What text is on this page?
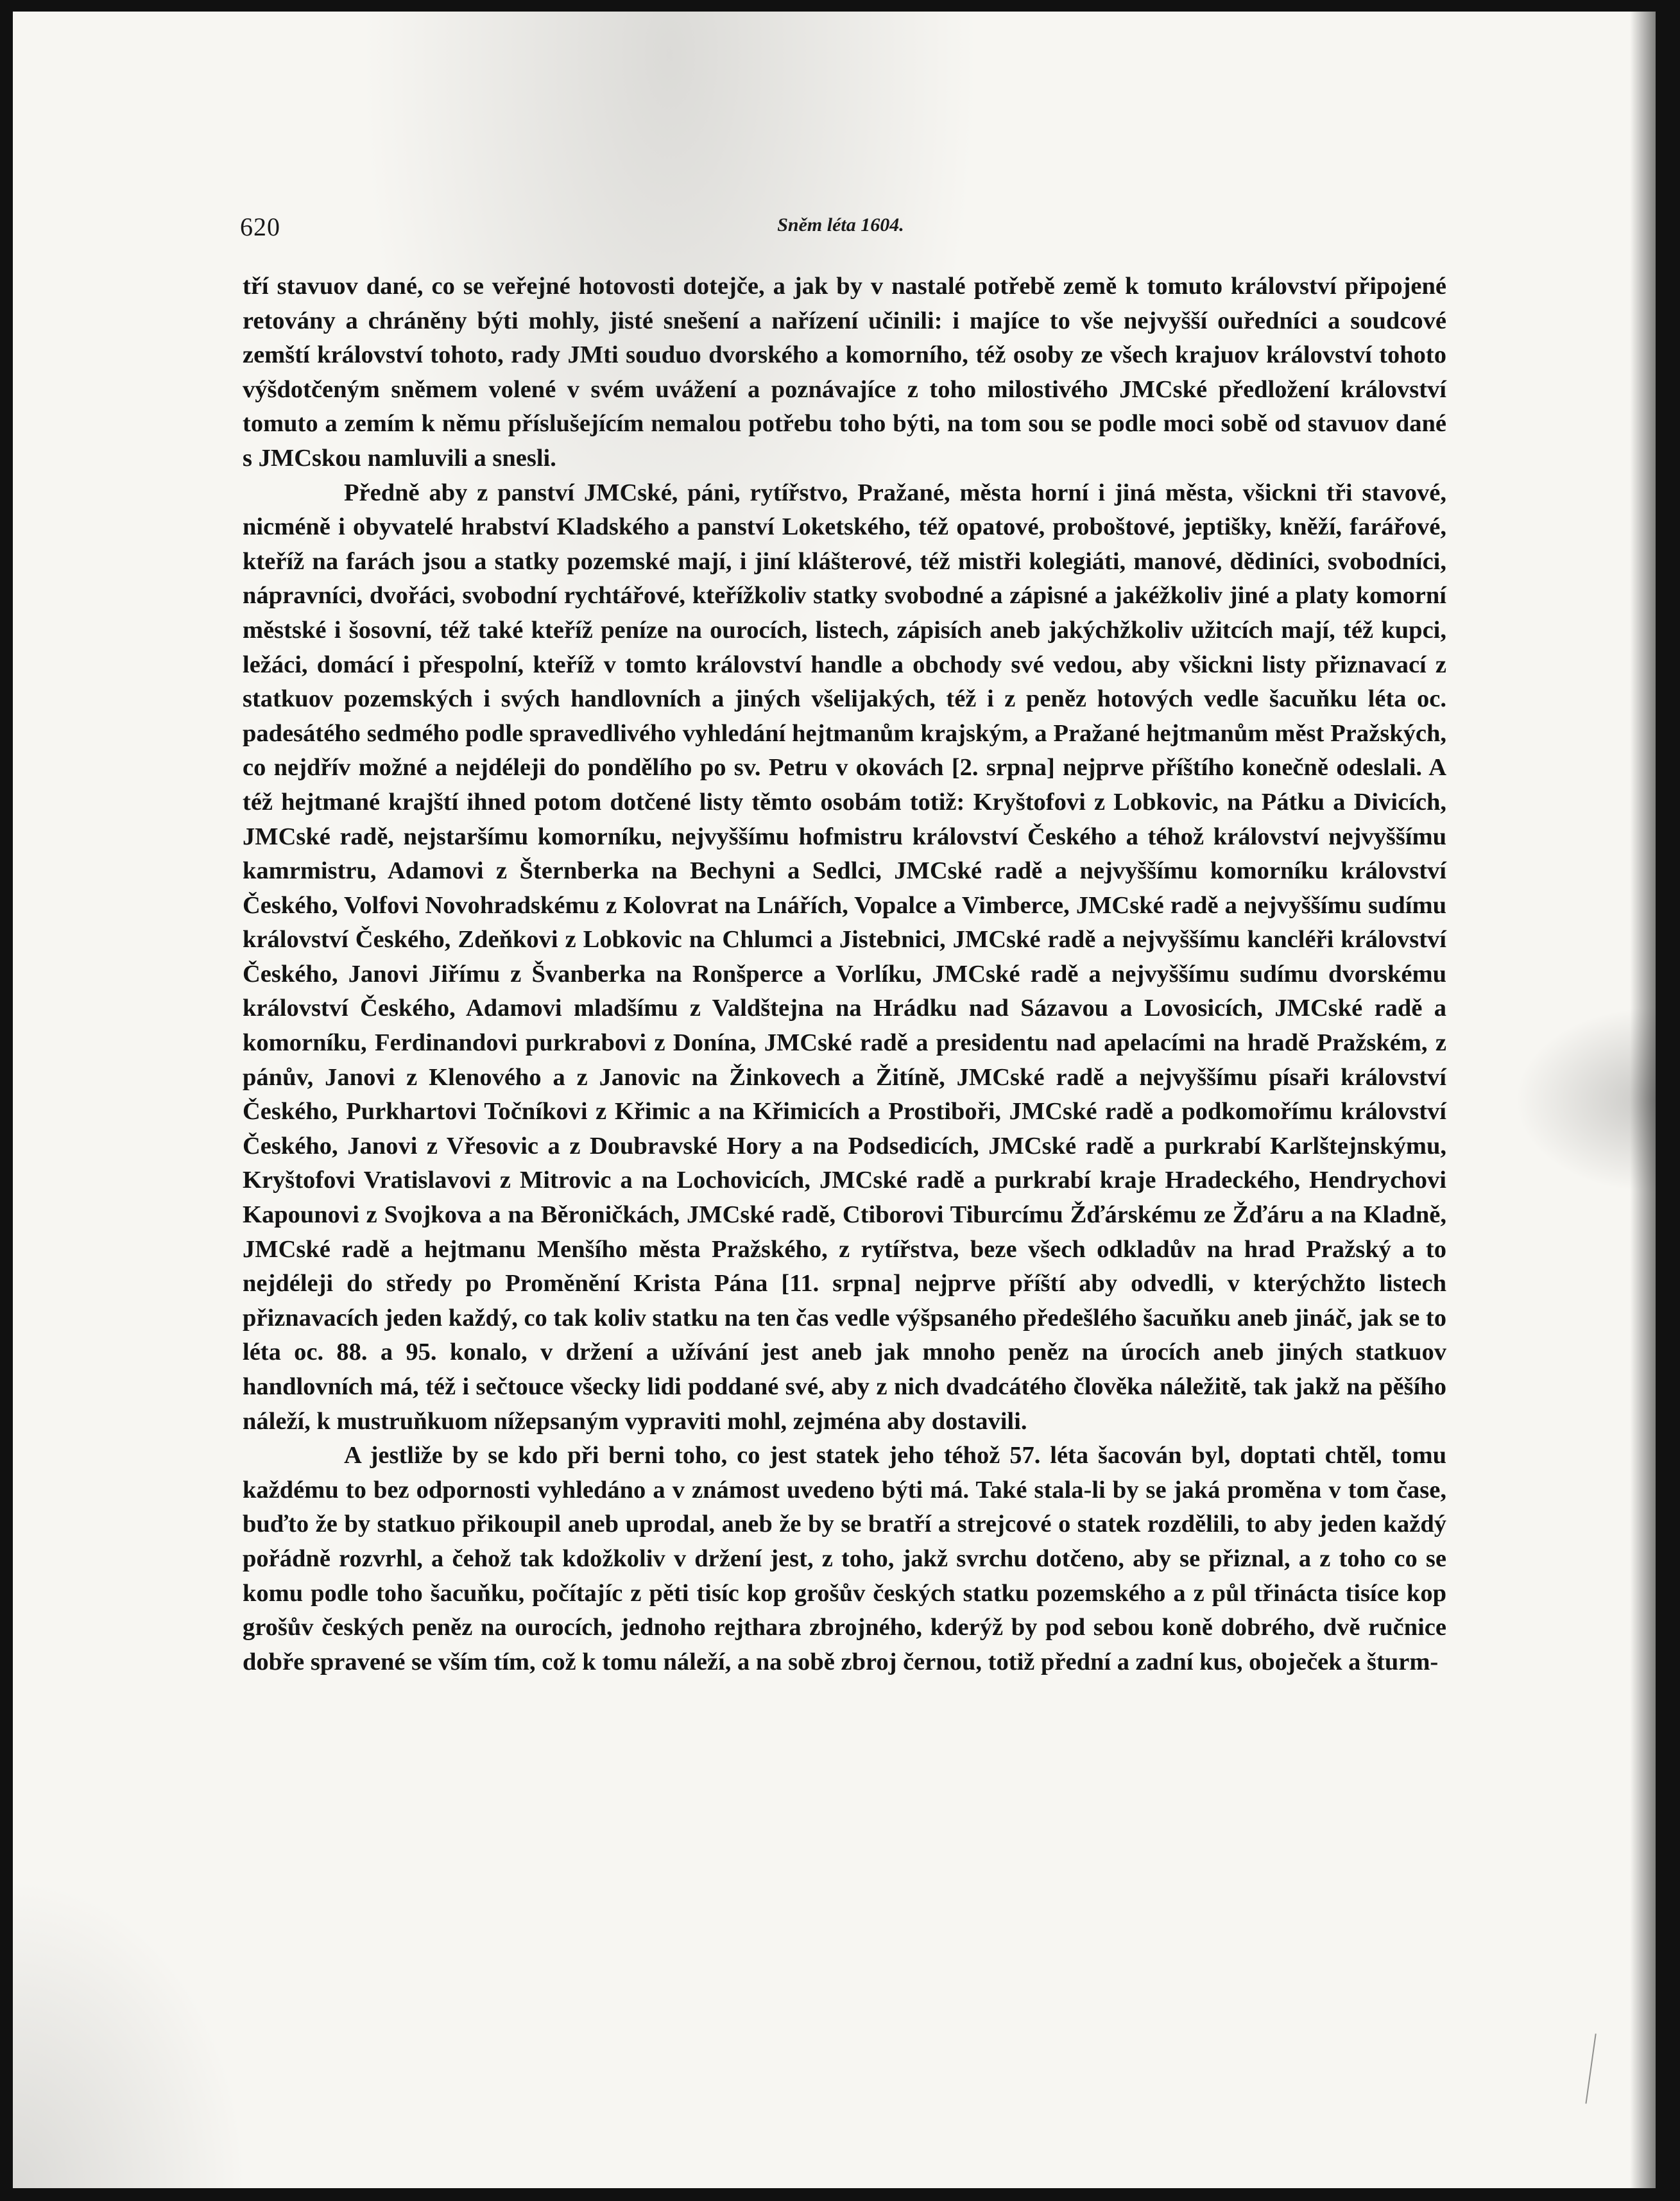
620	Sněm léta 1604.

tří stavuov dané, co se veřejné hotovosti dotejče, a jak by v nastalé potřebě země k tomuto království připojené retovány a chráněny býti mohly, jisté snešení a nařízení učinili: i majíce to vše nejvyšší ouředníci a soudcové zemští království tohoto, rady JMti souduo dvorského a komorního, též osoby ze všech krajuov království tohoto výšdotčeným sněmem volené v svém uvážení a poznávajíce z toho milostivého JMCské předložení království tomuto a zemím k němu příslušejícím nemalou potřebu toho býti, na tom sou se podle moci sobě od stavuov dané s JMCskou namluvili a snesli.

Předně aby z panství JMCské, páni, rytířstvo, Pražané, města horní i jiná města, všickni tři stavové, nicméně i obyvatelé hrabství Kladského a panství Loketského, též opatové, proboštové, jeptišky, kněží, farářové, kteříž na farách jsou a statky pozemské mají, i jiní klášterové, též mistři kolegiáti, manové, dědiníci, svobodníci, nápravníci, dvořáci, svobodní rychtářové, kteřížkoliv statky svobodné a zápisné a jakéžkoliv jiné a platy komorní městské i šosovní, též také kteříž peníze na ourocích, listech, zápisích aneb jakýchžkoliv užitcích mají, též kupci, ležáci, domácí i přespolní, kteříž v tomto království handle a obchody své vedou, aby všickni listy přiznavací z statkuov pozemských i svých handlovních a jiných všelijakých, též i z peněz hotových vedle šacuňku léta oc. padesátého sedmého podle spravedlivého vyhledání hejtmanům krajským, a Pražané hejtmanům měst Pražských, co nejdřív možné a nejdéleji do pondělího po sv. Petru v okovách [2. srpna] nejprve příštího konečně odeslali. A též hejtmané krajští ihned potom dotčené listy těmto osobám totiž: Kryštofovi z Lobkovic, na Pátku a Divicích, JMCské radě, nejstaršímu komorníku, nejvyššímu hofmistru království Českého a téhož království nejvyššímu kamrmistru, Adamovi z Šternberka na Bechyni a Sedlci, JMCské radě a nejvyššímu komorníku království Českého, Volfovi Novohradskému z Kolovrat na Lnářích, Vopalce a Vimberce, JMCské radě a nejvyššímu sudímu království Českého, Zdeňkovi z Lobkovic na Chlumci a Jistebnici, JMCské radě a nejvyššímu kancléři království Českého, Janovi Jiřímu z Švanberka na Ronšperce a Vorlíku, JMCské radě a nejvyššímu sudímu dvorskému království Českého, Adamovi mladšímu z Valdštejna na Hrádku nad Sázavou a Lovosicích, JMCské radě a komorníku, Ferdinandovi purkrabovi z Donína, JMCské radě a presidentu nad apelacími na hradě Pražském, z pánův, Janovi z Klenového a z Janovic na Žinkovech a Žitíně, JMCské radě a nejvyššímu písaři království Českého, Purkhartovi Točníkovi z Křimic a na Křimicích a Prostiboři, JMCské radě a podkomořímu království Českého, Janovi z Vřesovic a z Doubravské Hory a na Podsedicích, JMCské radě a purkrabí Karlštejnskýmu, Kryštofovi Vratislavovi z Mitrovic a na Lochovicích, JMCské radě a purkrabí kraje Hradeckého, Hendrychovi Kapounovi z Svojkova a na Běroničkách, JMCské radě, Ctiborovi Tiburcímu Žďárskému ze Žďáru a na Kladně, JMCské radě a hejtmanu Menšího města Pražského, z rytířstva, beze všech odkladův na hrad Pražský a to nejdéleji do středy po Proměnění Krista Pána [11. srpna] nejprve příští aby odvedli, v kterýchžto listech přiznavacích jeden každý, co tak koliv statku na ten čas vedle výšpsaného předešlého šacuňku aneb jináč, jak se to léta oc. 88. a 95. konalo, v držení a užívání jest aneb jak mnoho peněz na úrocích aneb jiných statkuov handlovních má, též i sečtouce všecky lidi poddané své, aby z nich dvadcátého člověka náležitě, tak jakž na pěšího náleží, k mustruňkuom nížepsaným vypraviti mohl, zejména aby dostavili.

A jestliže by se kdo při berni toho, co jest statek jeho téhož 57. léta šacován byl, doptati chtěl, tomu každému to bez odpornosti vyhledáno a v známost uvedeno býti má. Také stala-li by se jaká proměna v tom čase, buďto že by statkuo přikoupil aneb uprodal, aneb že by se bratří a strejcové o statek rozdělili, to aby jeden každý pořádně rozvrhl, a čehož tak kdožkoliv v držení jest, z toho, jakž svrchu dotčeno, aby se přiznal, a z toho co se komu podle toho šacuňku, počítajíc z pěti tisíc kop grošův českých statku pozemského a z půl třinácta tisíce kop grošův českých peněz na ourocích, jednoho rejthara zbrojného, kderýž by pod sebou koně dobrého, dvě ručnice dobře spravené se vším tím, což k tomu náleží, a na sobě zbroj černou, totiž přední a zadní kus, oboječek a šturm-
